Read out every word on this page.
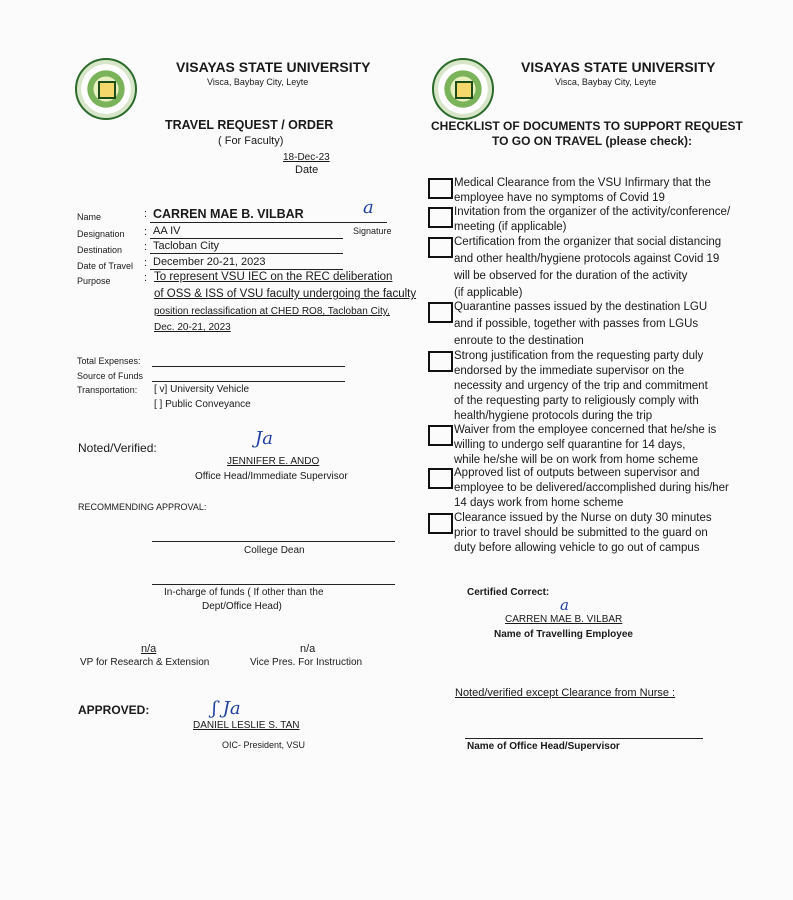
VISAYAS STATE UNIVERSITY
Visca, Baybay City, Leyte
TRAVEL REQUEST / ORDER
( For Faculty)
18-Dec-23
Date
Name	: CARREN MAE B. VILBAR	a
Signature
Designation : AA IV
Destination : Tacloban City
Date of Travel : December 20-21, 2023
Purpose	: To represent VSU IEC on the REC deliberation
of OSS & ISS of VSU faculty undergoing the faculty
position reclassification at CHED RO8, Tacloban City,
Dec. 20-21, 2023
Total Expenses:
Source of Funds
Transportation: [ v] University Vehicle
[ ] Public Conveyance
Noted/Verified:	Ja
JENNIFER E. ANDO
Office Head/Immediate Supervisor
RECOMMENDING APPROVAL:
College Dean
In-charge of funds ( If other than the
Dept/Office Head)
n/a
VP for Research & Extension
n/a
Vice Pres. For Instruction
APPROVED:	ʃ Ja
DANIEL LESLIE S. TAN
OIC- President, VSU
VISAYAS STATE UNIVERSITY
Visca, Baybay City, Leyte
CHECKLIST OF DOCUMENTS TO SUPPORT REQUEST
TO GO ON TRAVEL (please check):
Medical Clearance from the VSU Infirmary that the
employee have no symptoms of Covid 19
Invitation from the organizer of the activity/conference/
meeting (if applicable)
Certification from the organizer that social distancing
and other health/hygiene protocols against Covid 19
will be observed for the duration of the activity
(if applicable)
Quarantine passes issued by the destination LGU
and if possible, together with passes from LGUs
enroute to the destination
Strong justification from the requesting party duly
endorsed by the immediate supervisor on the
necessity and urgency of the trip and commitment
of the requesting party to religiously comply with
health/hygiene protocols during the trip
Waiver from the employee concerned that he/she is
willing to undergo self quarantine for 14 days,
while he/she will be on work from home scheme
Approved list of outputs between supervisor and
employee to be delivered/accomplished during his/her
14 days work from home scheme
Clearance issued by the Nurse on duty 30 minutes
prior to travel should be submitted to the guard on
duty before allowing vehicle to go out of campus
Certified Correct:
a
CARREN MAE B. VILBAR
Name of Travelling Employee
Noted/verified except Clearance from Nurse :
Name of Office Head/Supervisor
